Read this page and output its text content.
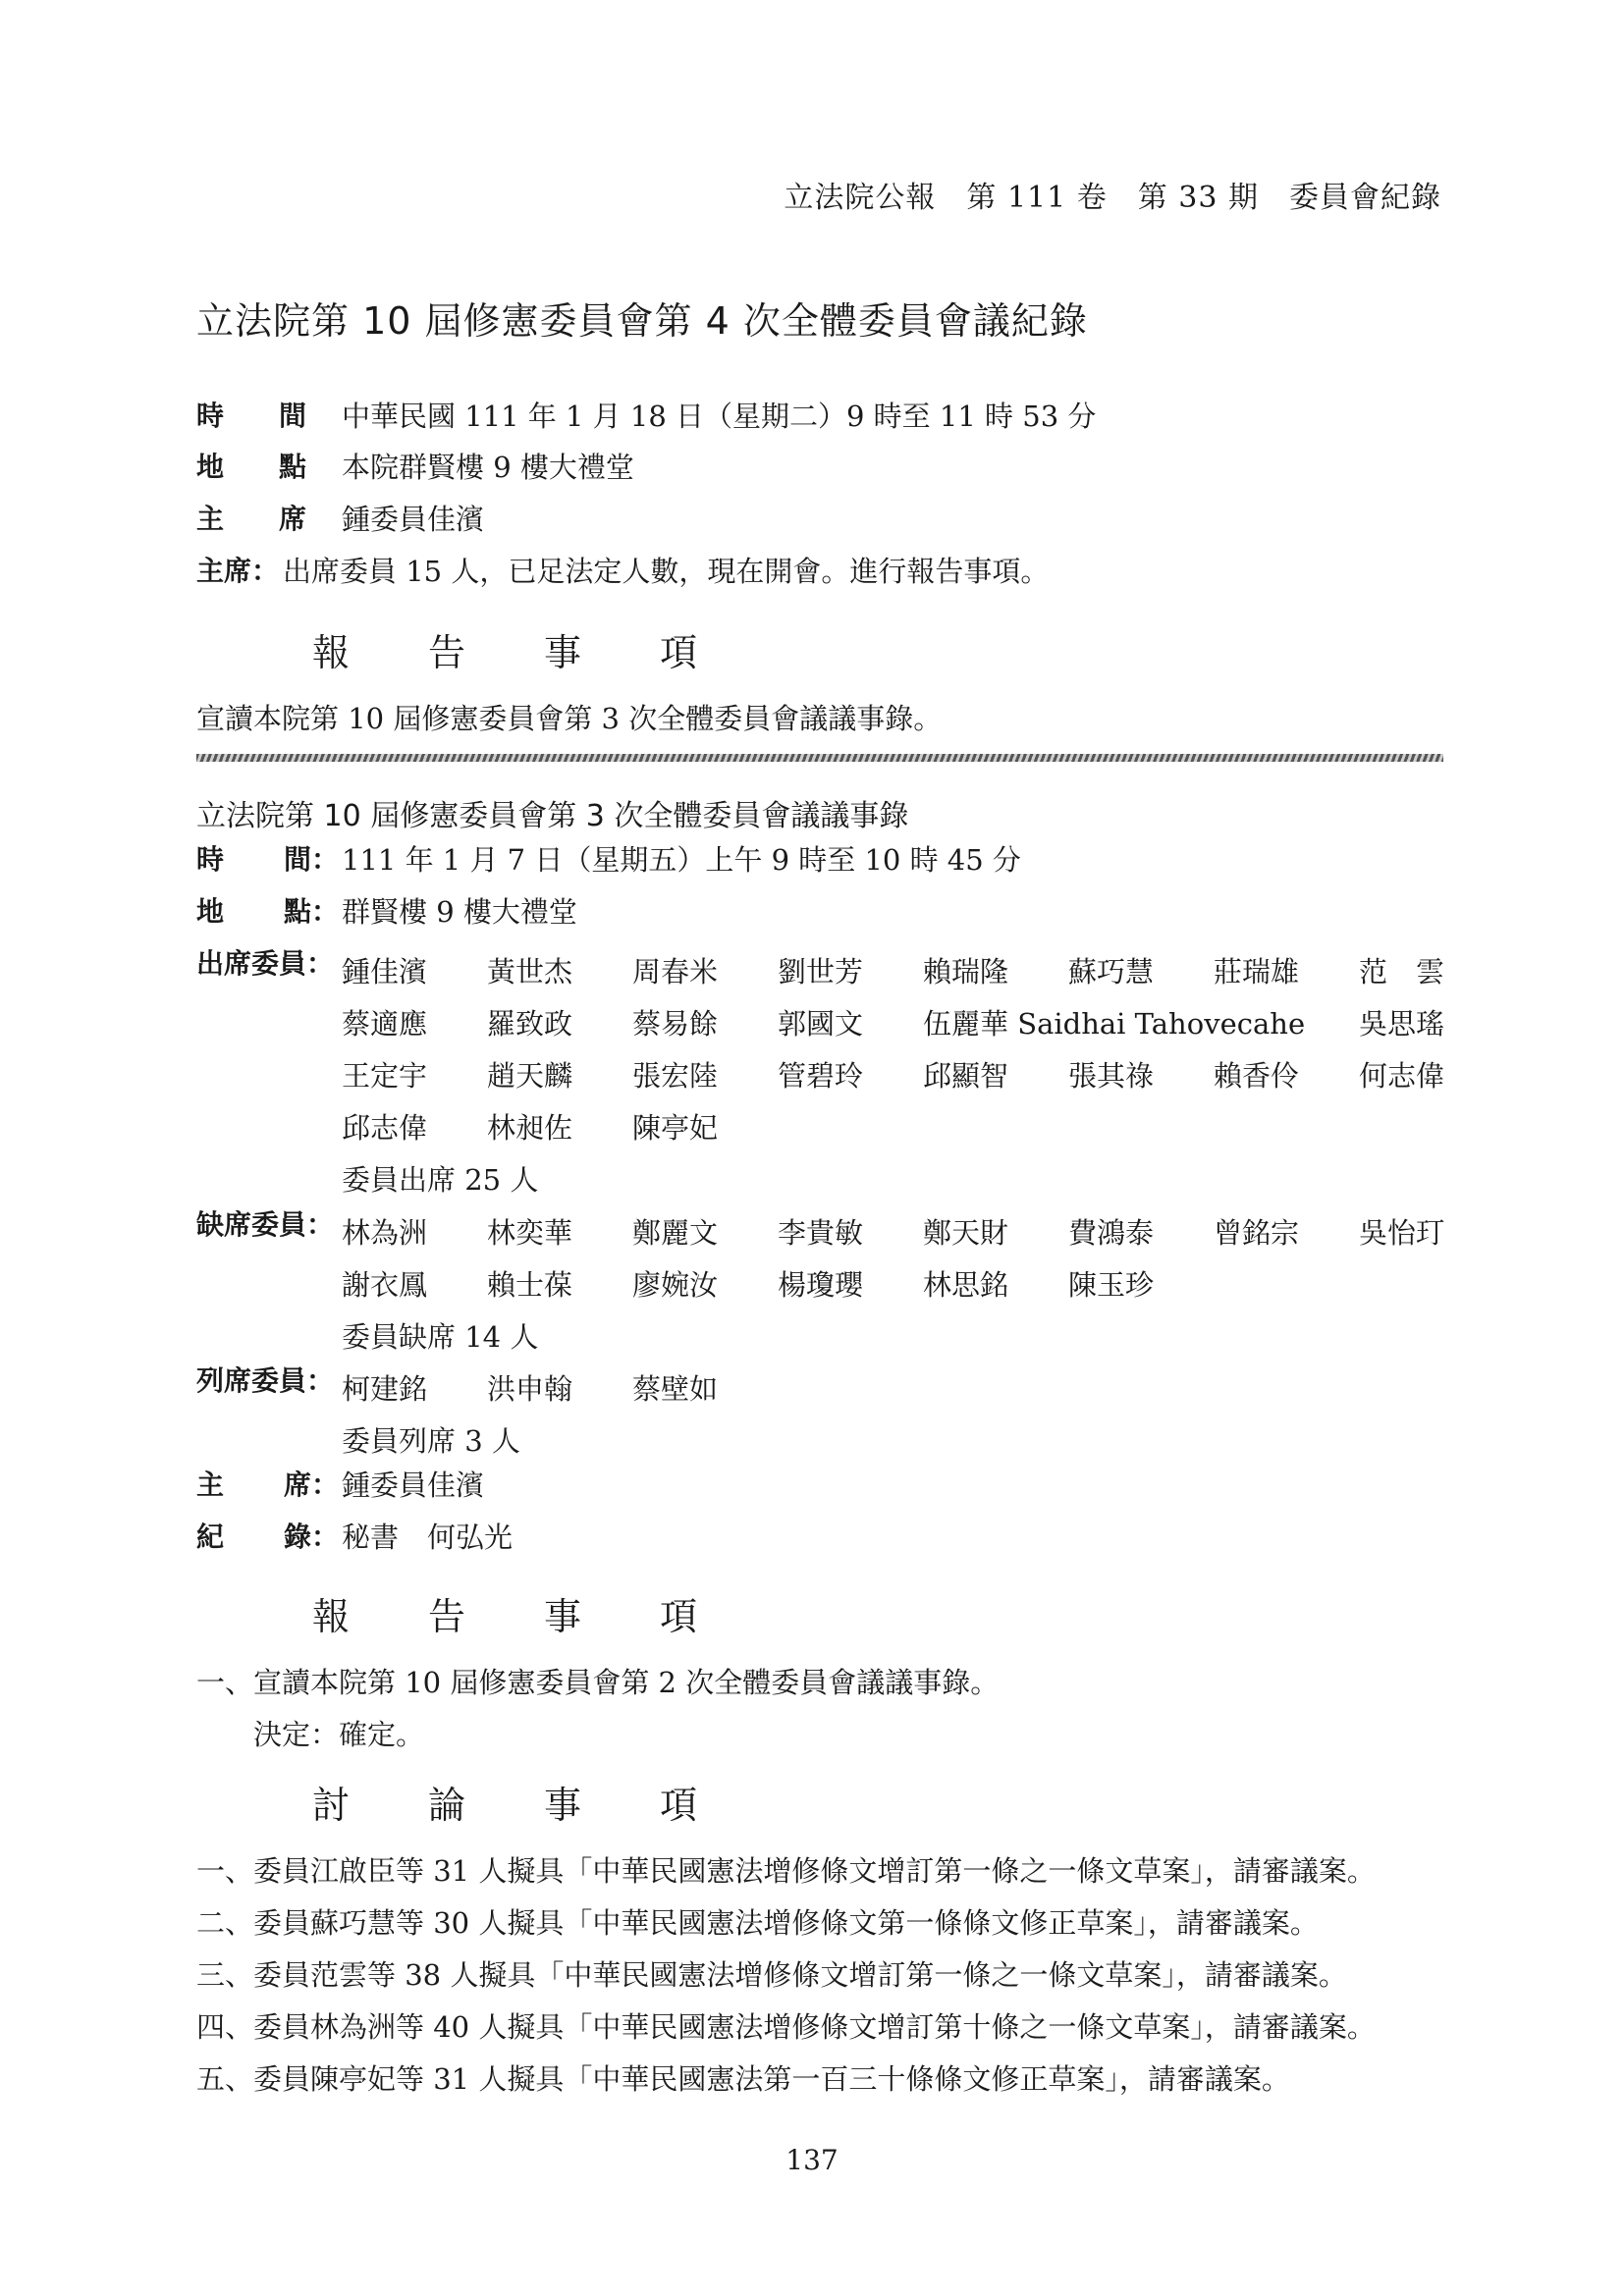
立法院公報　第 111 卷　第 33 期　委員會紀錄
立法院第 10 屆修憲委員會第 4 次全體委員會議紀錄
時 間 中華民國 111 年 1 月 18 日（星期二）9 時至 11 時 53 分
地 點 本院群賢樓 9 樓大禮堂
主 席 鍾委員佳濱
主席： 出席委員 15 人，已足法定人數，現在開會。進行報告事項。
報 告 事 項
宣讀本院第 10 屆修憲委員會第 3 次全體委員會議議事錄。
立法院第 10 屆修憲委員會第 3 次全體委員會議議事錄
時 間： 111 年 1 月 7 日（星期五）上午 9 時至 10 時 45 分
地 點： 群賢樓 9 樓大禮堂
出席委員： 鍾佳濱 黃世杰 周春米 劉世芳 賴瑞隆 蘇巧慧 莊瑞雄 范　雲
蔡適應 羅致政 蔡易餘 郭國文 伍麗華 Saidhai Tahovecahe 吳思瑤
王定宇 趙天麟 張宏陸 管碧玲 邱顯智 張其祿 賴香伶 何志偉
邱志偉 林昶佐 陳亭妃
委員出席 25 人
缺席委員： 林為洲 林奕華 鄭麗文 李貴敏 鄭天財 費鴻泰 曾銘宗 吳怡玎
謝衣鳳 賴士葆 廖婉汝 楊瓊瓔 林思銘 陳玉珍
委員缺席 14 人
列席委員： 柯建銘 洪申翰 蔡壁如
委員列席 3 人
主 席： 鍾委員佳濱
紀 錄： 秘書　何弘光
報 告 事 項
一、宣讀本院第 10 屆修憲委員會第 2 次全體委員會議議事錄。
決定：確定。
討 論 事 項
一、委員江啟臣等 31 人擬具「中華民國憲法增修條文增訂第一條之一條文草案」，請審議案。
二、委員蘇巧慧等 30 人擬具「中華民國憲法增修條文第一條條文修正草案」，請審議案。
三、委員范雲等 38 人擬具「中華民國憲法增修條文增訂第一條之一條文草案」，請審議案。
四、委員林為洲等 40 人擬具「中華民國憲法增修條文增訂第十條之一條文草案」，請審議案。
五、委員陳亭妃等 31 人擬具「中華民國憲法第一百三十條條文修正草案」，請審議案。
137
